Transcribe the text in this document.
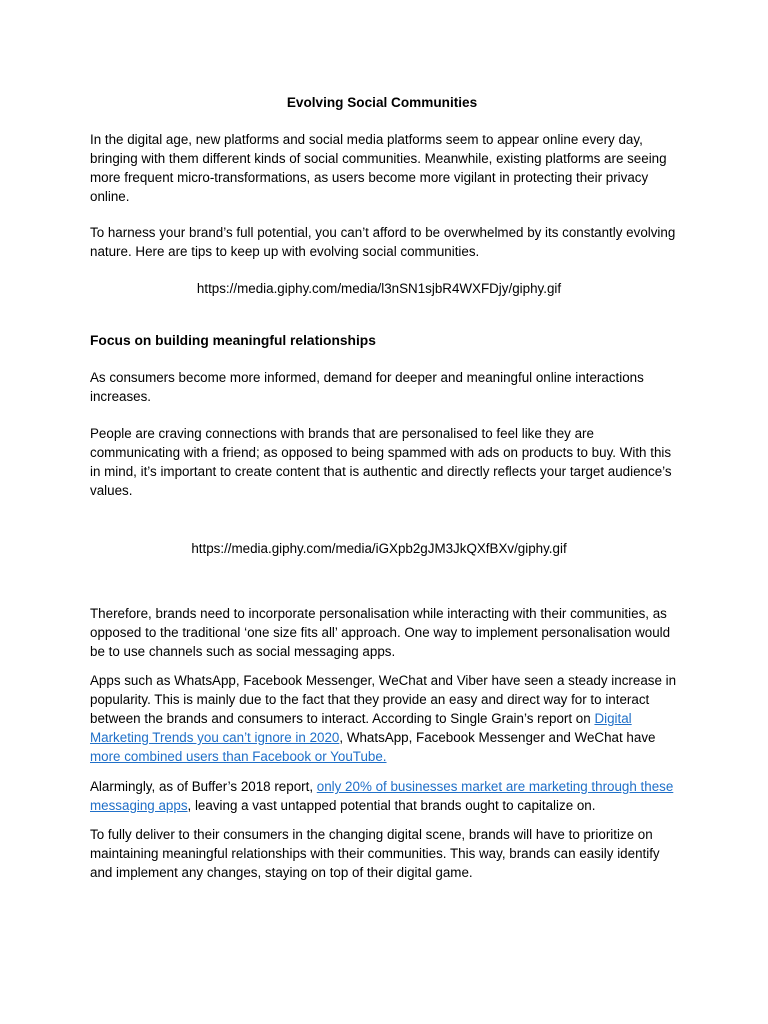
Evolving Social Communities

In the digital age, new platforms and social media platforms seem to appear online every day, bringing with them different kinds of social communities. Meanwhile, existing platforms are seeing more frequent micro-transformations, as users become more vigilant in protecting their privacy online.

To harness your brand’s full potential, you can’t afford to be overwhelmed by its constantly evolving nature. Here are tips to keep up with evolving social communities.

https://media.giphy.com/media/l3nSN1sjbR4WXFDjy/giphy.gif
Focus on building meaningful relationships

As consumers become more informed, demand for deeper and meaningful online interactions increases.

People are craving connections with brands that are personalised to feel like they are communicating with a friend; as opposed to being spammed with ads on products to buy. With this in mind, it’s important to create content that is authentic and directly reflects your target audience’s values.

https://media.giphy.com/media/iGXpb2gJM3JkQXfBXv/giphy.gif

Therefore, brands need to incorporate personalisation while interacting with their communities, as opposed to the traditional ‘one size fits all’ approach. One way to implement personalisation would be to use channels such as social messaging apps.

Apps such as WhatsApp, Facebook Messenger, WeChat and Viber have seen a steady increase in popularity. This is mainly due to the fact that they provide an easy and direct way for to interact between the brands and consumers to interact. According to Single Grain’s report on Digital Marketing Trends you can’t ignore in 2020, WhatsApp, Facebook Messenger and WeChat have more combined users than Facebook or YouTube.

Alarmingly, as of Buffer’s 2018 report, only 20% of businesses market are marketing through these messaging apps, leaving a vast untapped potential that brands ought to capitalize on.

To fully deliver to their consumers in the changing digital scene, brands will have to prioritize on maintaining meaningful relationships with their communities. This way, brands can easily identify and implement any changes, staying on top of their digital game.
